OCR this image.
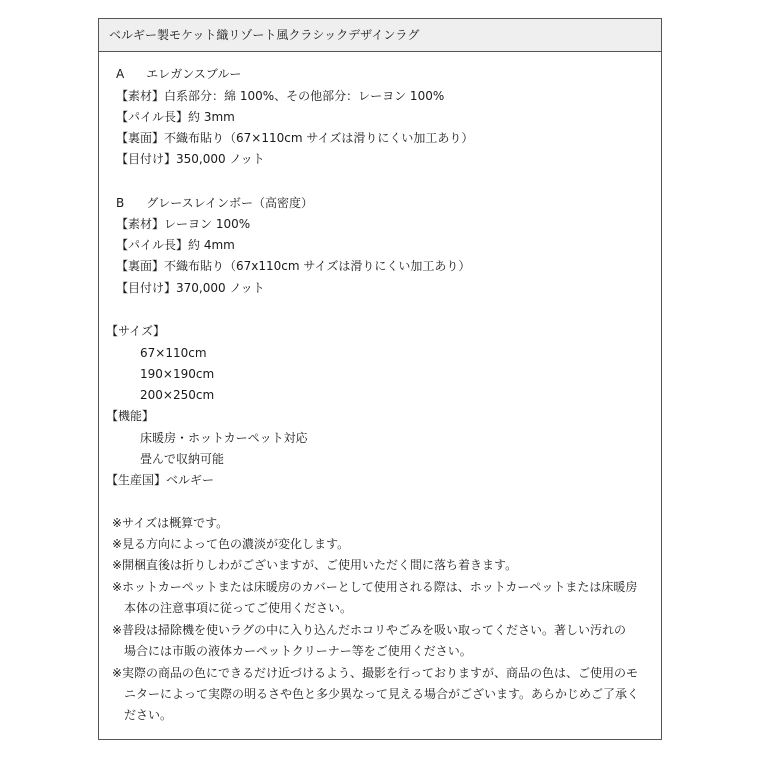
ベルギー製モケット織リゾート風クラシックデザインラグ
A エレガンスブルー
【素材】白系部分：綿 100%、その他部分：レーヨン 100%
【パイル長】約 3mm
【裏面】不織布貼り（67×110cm サイズは滑りにくい加工あり）
【目付け】350,000 ノット
B グレースレインボー（高密度）
【素材】レーヨン 100%
【パイル長】約 4mm
【裏面】不織布貼り（67x110cm サイズは滑りにくい加工あり）
【目付け】370,000 ノット
【サイズ】
67×110cm
190×190cm
200×250cm
【機能】
床暖房・ホットカーペット対応
畳んで収納可能
【生産国】ベルギー
※サイズは概算です。
※見る方向によって色の濃淡が変化します。
※開梱直後は折りしわがございますが、ご使用いただく間に落ち着きます。
※ホットカーペットまたは床暖房のカバーとして使用される際は、ホットカーペットまたは床暖房
本体の注意事項に従ってご使用ください。
※普段は掃除機を使いラグの中に入り込んだホコリやごみを吸い取ってください。著しい汚れの
場合には市販の液体カーペットクリーナー等をご使用ください。
※実際の商品の色にできるだけ近づけるよう、撮影を行っておりますが、商品の色は、ご使用のモ
ニターによって実際の明るさや色と多少異なって見える場合がございます。あらかじめご了承く
ださい。
